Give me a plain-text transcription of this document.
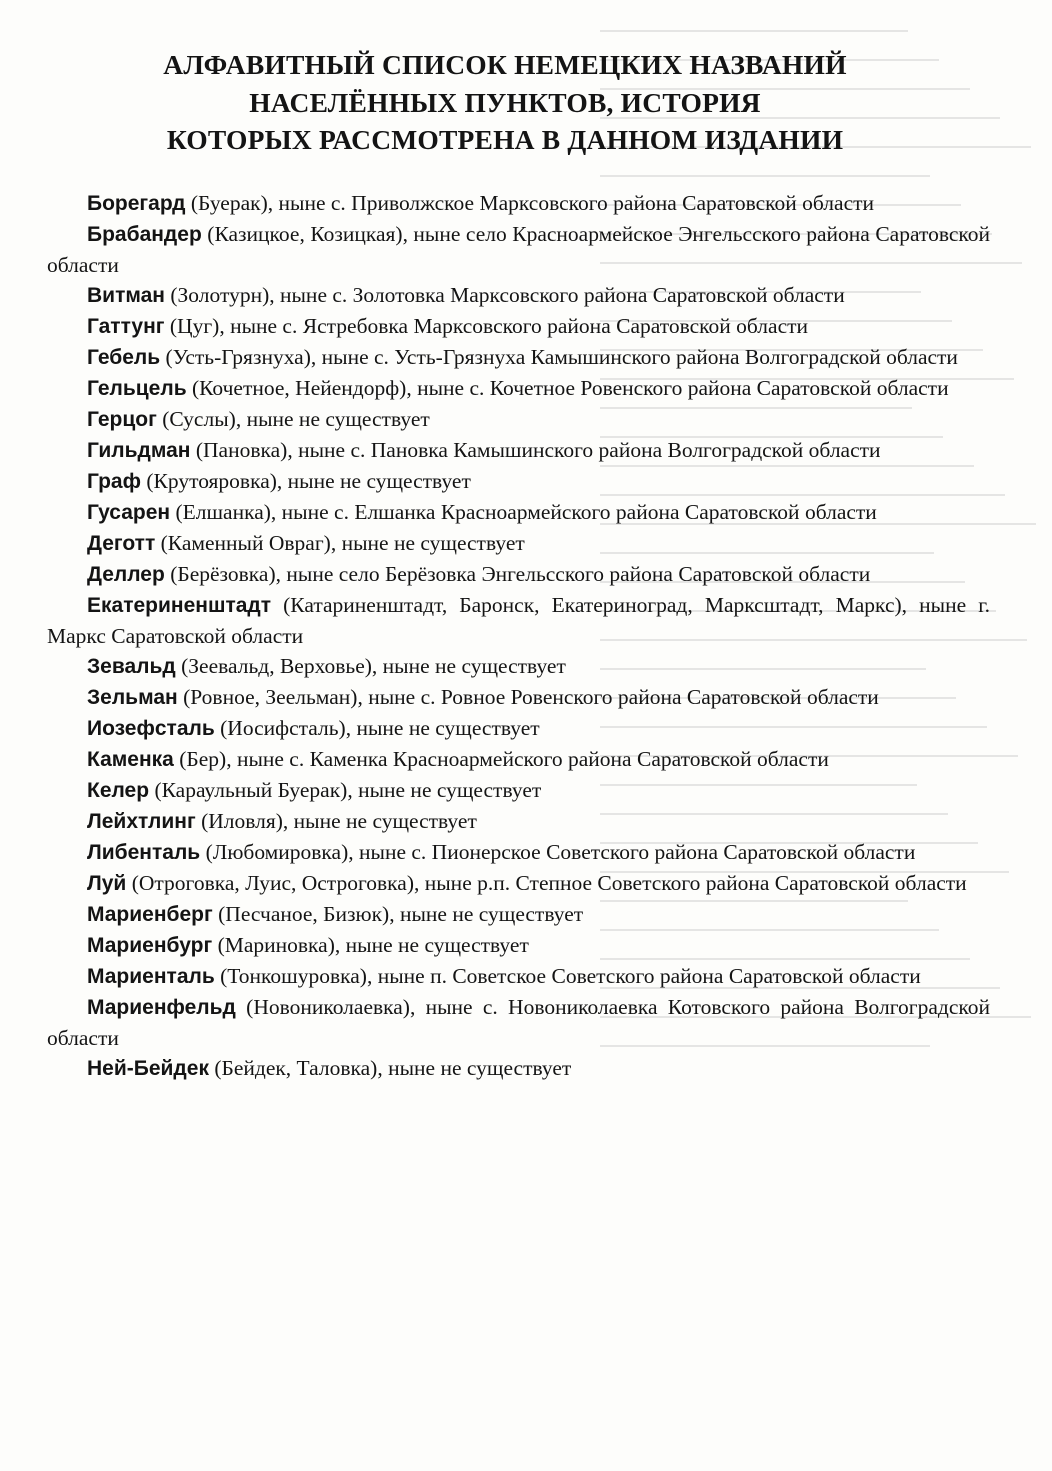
АЛФАВИТНЫЙ СПИСОК НЕМЕЦКИХ НАЗВАНИЙ
НАСЕЛЁННЫХ ПУНКТОВ, ИСТОРИЯ
КОТОРЫХ РАССМОТРЕНА В ДАННОМ ИЗДАНИИ

Борегард (Буерак), ныне с. Приволжское Марксовского района Саратовской области

Брабандер (Казицкое, Козицкая), ныне село Красноармейское Энгельсского района Саратовской области

Витман (Золотурн), ныне с. Золотовка Марксовского района Саратовской области

Гаттунг (Цуг), ныне с. Ястребовка Марксовского района Саратовской области

Гебель (Усть-Грязнуха), ныне с. Усть-Грязнуха Камышинского района Волгоградской области

Гельцель (Кочетное, Нейендорф), ныне с. Кочетное Ровенского района Саратовской области

Герцог (Суслы), ныне не существует

Гильдман (Пановка), ныне с. Пановка Камышинского района Волгоградской области

Граф (Крутояровка), ныне не существует

Гусарен (Елшанка), ныне с. Елшанка Красноармейского района Саратовской области

Деготт (Каменный Овраг), ныне не существует

Деллер (Берёзовка), ныне село Берёзовка Энгельсского района Саратовской области

Екатериненштадт (Катариненштадт, Баронск, Екатериноград, Марксштадт, Маркс), ныне г. Маркс Саратовской области

Зевальд (Зеевальд, Верховье), ныне не существует

Зельман (Ровное, Зеельман), ныне с. Ровное Ровенского района Саратовской области

Иозефсталь (Иосифсталь), ныне не существует

Каменка (Бер), ныне с. Каменка Красноармейского района Саратовской области

Келер (Караульный Буерак), ныне не существует

Лейхтлинг (Иловля), ныне не существует

Либенталь (Любомировка), ныне с. Пионерское Советского района Саратовской области

Луй (Отроговка, Луис, Остроговка), ныне р.п. Степное Советского района Саратовской области

Мариенберг (Песчаное, Бизюк), ныне не существует

Мариенбург (Мариновка), ныне не существует

Мариенталь (Тонкошуровка), ныне п. Советское Советского района Саратовской области

Мариенфельд (Новониколаевка), ныне с. Новониколаевка Котовского района Волгоградской области

Ней-Бейдек (Бейдек, Таловка), ныне не существует
